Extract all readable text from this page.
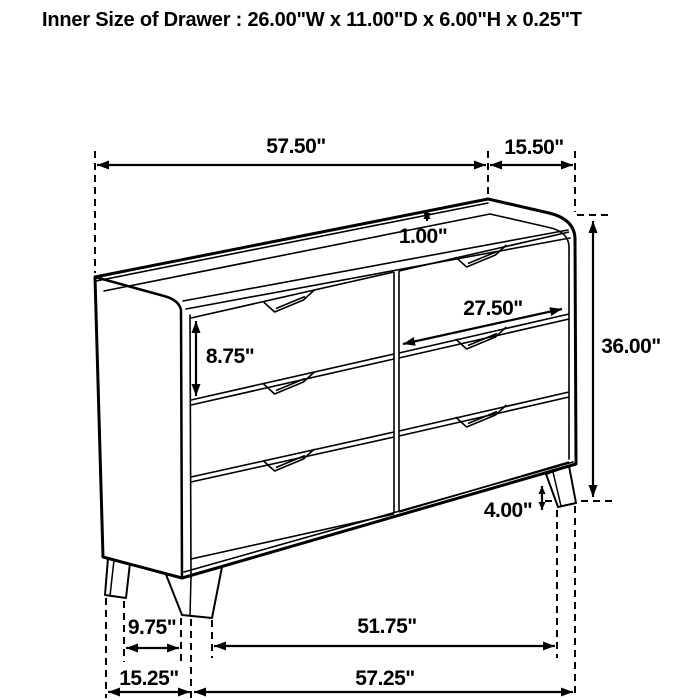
Inner Size of Drawer : 26.00"W x 11.00"D x 6.00"H x 0.25"T
57.50"	15.50"
1.00"
27.50"
8.75"	36.00"
4.00"
9.75"	51.75"
15.25"	57.25"
